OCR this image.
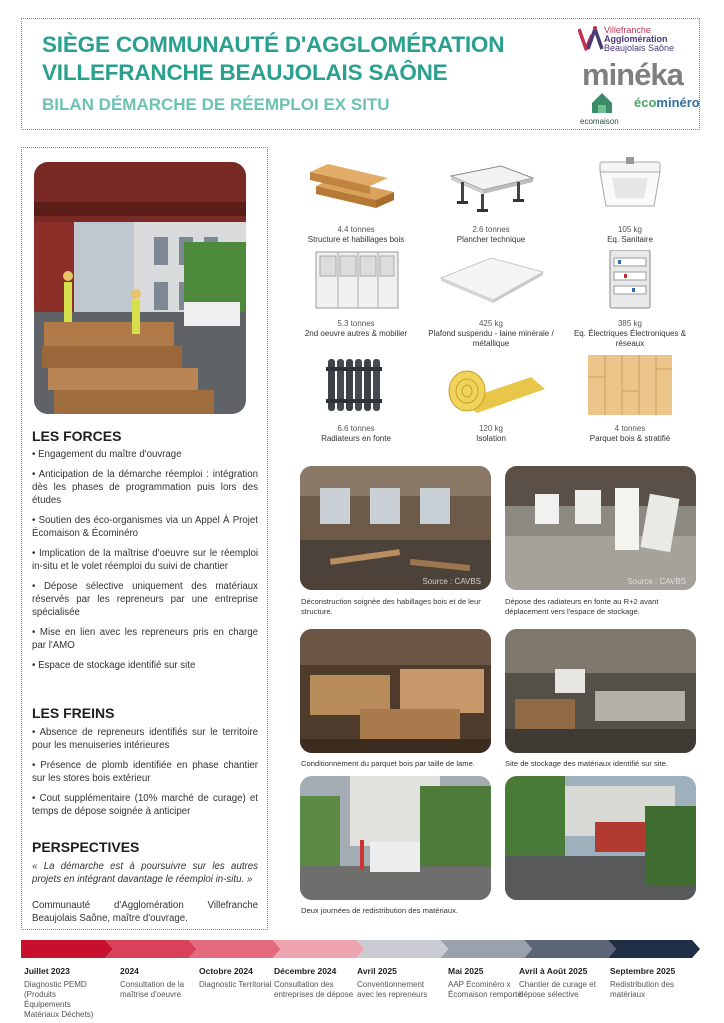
SIÈGE COMMUNAUTÉ D'AGGLOMÉRATION
VILLEFRANCHE BEAUJOLAIS SAÔNE
BILAN DÉMARCHE DE RÉEMPLOI EX SITU
Villefranche
Agglomération
Beaujolais Saône
minéka
ecomaison
écominéro
LES FORCES
• Engagement du maître d'ouvrage
• Anticipation de la démarche réemploi : intégration dès les phases de programmation puis lors des études
• Soutien des éco-organismes via un Appel À Projet Écomaison & Écominéro
• Implication de la maîtrise d'oeuvre sur le réemploi in-situ et le volet réemploi du suivi de chantier
• Dépose sélective uniquement des matériaux réservés par les repreneurs par une entreprise spécialisée
• Mise en lien avec les repreneurs pris en charge par l'AMO
• Espace de stockage identifié sur site
LES FREINS
• Absence de repreneurs identifiés sur le territoire pour les menuiseries intérieures
• Présence de plomb identifiée en phase chantier sur les stores bois extérieur
• Cout supplémentaire (10% marché de curage) et temps de dépose soignée à anticiper
PERSPECTIVES
« La démarche est à poursuivre sur les autres projets en intégrant davantage le réemploi in-situ. »
Communauté d'Agglomération Villefranche Beaujolais Saône, maître d'ouvrage.
4.4 tonnes
Structure et habillages bois
2.6 tonnes
Plancher technique
105 kg
Eq. Sanitaire
5.3 tonnes
2nd oeuvre autres & mobilier
425 kg
Plafond suspendu - laine minérale / métallique
385 kg
Eq. Électriques Électroniques & réseaux
6.6 tonnes
Radiateurs en fonte
120 kg
Isolation
4 tonnes
Parquet bois & stratifié
Source : CAVBS
Déconstruction soignée des habillages bois et de leur structure.
Source : CAVBS
Dépose des radiateurs en fonte au R+2 avant déplacement vers l'espace de stockage.
Conditionnement du parquet bois par taille de lame.	Site de stockage des matériaux identifié sur site.
Deux journées de redistribution des matériaux.
Juillet 2023
Diagnostic PEMD (Produits Équipements Matériaux Déchets)
2024
Consultation de la maîtrise d'oeuvre
Octobre 2024
Diagnostic Territorial
Décembre 2024
Consultation des entreprises de dépose
Avril 2025
Conventionnement avec les repreneurs
Mai 2025
AAP Écominéro x Écomaison remporté
Avril à Août 2025
Chantier de curage et dépose sélective
Septembre 2025
Redistribution des matériaux
